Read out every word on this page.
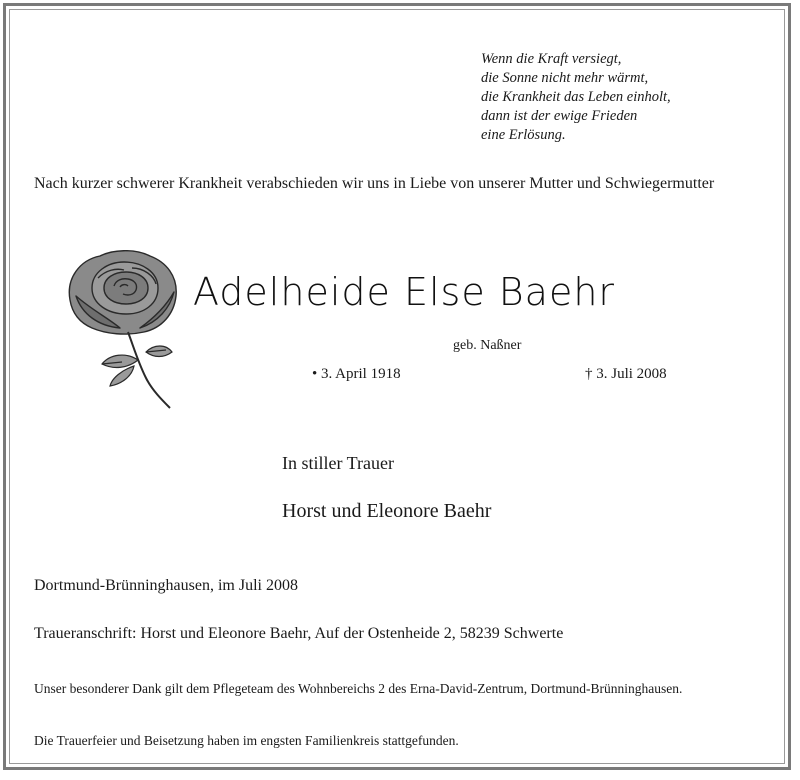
Wenn die Kraft versiegt,
die Sonne nicht mehr wärmt,
die Krankheit das Leben einholt,
dann ist der ewige Frieden
eine Erlösung.
Nach kurzer schwerer Krankheit verabschieden wir uns in Liebe von unserer Mutter und Schwiegermutter
Adelheide Else Baehr
geb. Naßner
• 3. April 1918	† 3. Juli 2008
In stiller Trauer
Horst und Eleonore Baehr
Dortmund-Brünninghausen, im Juli 2008
Traueranschrift: Horst und Eleonore Baehr, Auf der Ostenheide 2, 58239 Schwerte
Unser besonderer Dank gilt dem Pflegeteam des Wohnbereichs 2 des Erna-David-Zentrum, Dortmund-Brünninghausen.
Die Trauerfeier und Beisetzung haben im engsten Familienkreis stattgefunden.
